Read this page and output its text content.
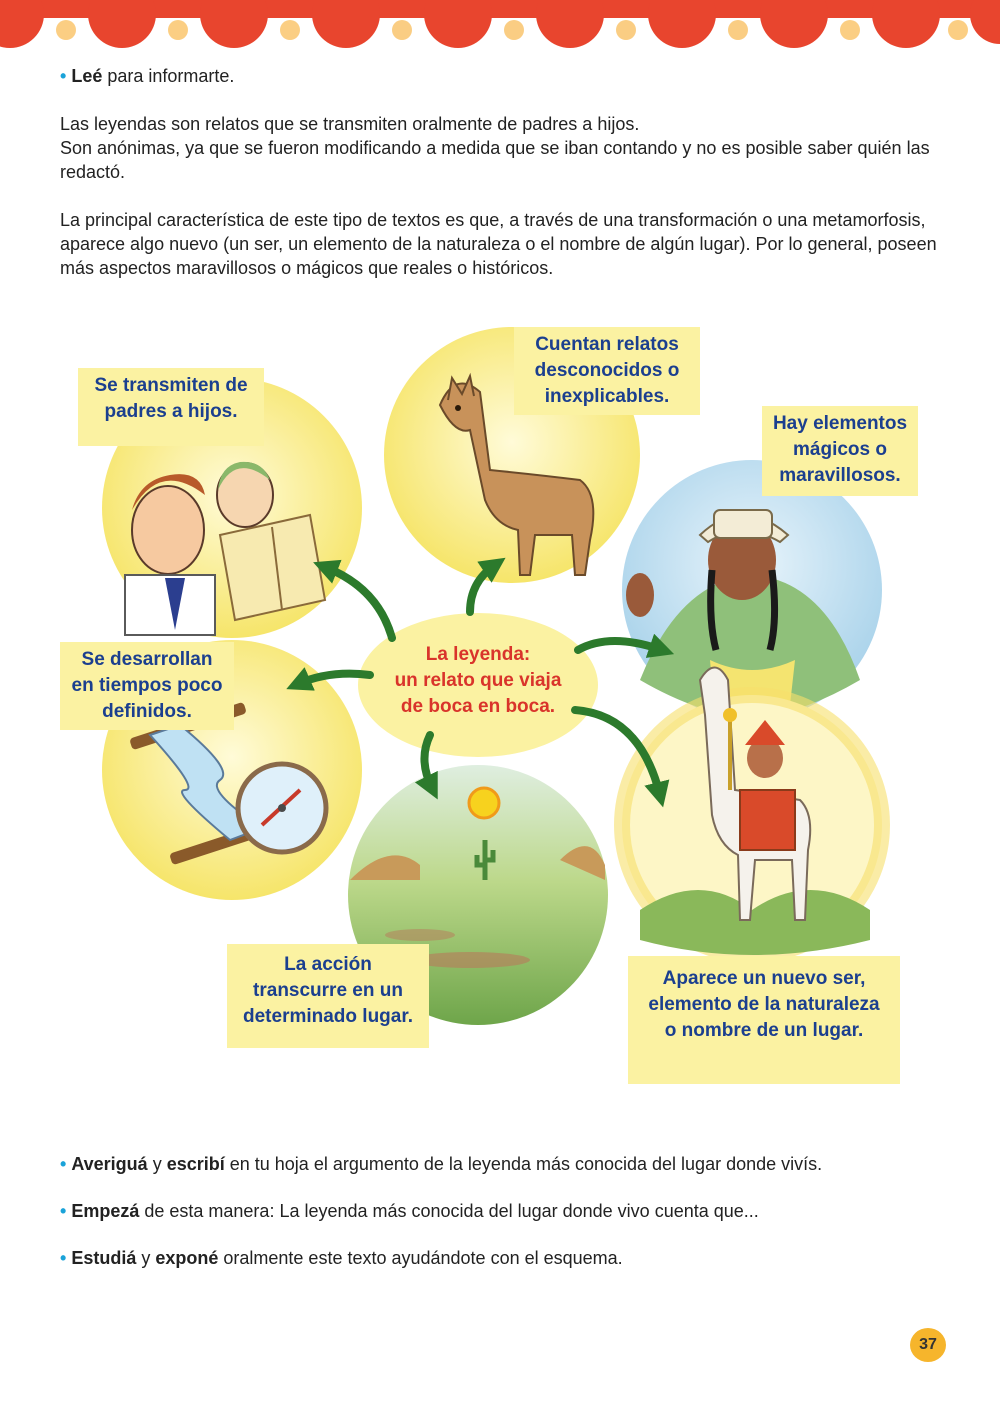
• Leé para informarte.

Las leyendas son relatos que se transmiten oralmente de padres a hijos.
Son anónimas, ya que se fueron modificando a medida que se iban contando y no es posible saber quién las redactó.

La principal característica de este tipo de textos es que, a través de una transformación o una metamorfosis, aparece algo nuevo (un ser, un elemento de la naturaleza o el nombre de algún lugar). Por lo general, poseen más aspectos maravillosos o mágicos que reales o históricos.

La leyenda:
un relato que viaja
de boca en boca.
Se transmiten de
padres a hijos.
Cuentan relatos
desconocidos o
inexplicables.
Hay elementos
mágicos o
maravillosos.
Se desarrollan
en tiempos poco
definidos.
La acción
transcurre en un
determinado lugar.
Aparece un nuevo ser,
elemento de la naturaleza
o nombre de un lugar.

• Averiguá y escribí en tu hoja el argumento de la leyenda más conocida del lugar donde vivís.

• Empezá de esta manera: La leyenda más conocida del lugar donde vivo cuenta que...

• Estudiá y exponé oralmente este texto ayudándote con el esquema.

37
